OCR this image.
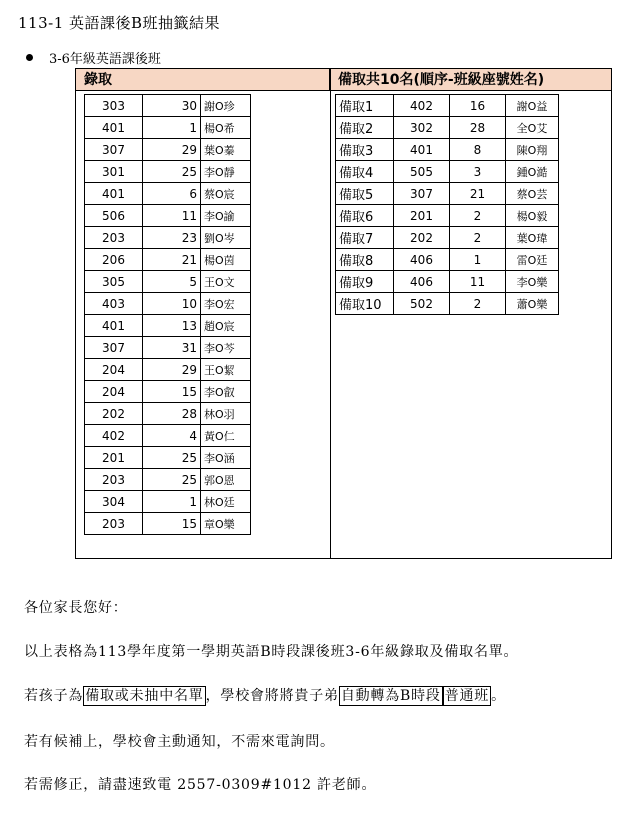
113-1 英語課後B班抽籤結果
3-6年級英語課後班
錄取	備取共10名(順序-班級座號姓名)
303	30	謝O珍
401	1	楊O希
307	29	葉O蓁
301	25	李O靜
401	6	蔡O宸
506	11	李O諭
203	23	劉O岑
206	21	楊O茵
305	5	王O文
403	10	李O宏
401	13	趙O宸
307	31	李O芩
204	29	王O絜
204	15	李O叡
202	28	林O羽
402	4	黃O仁
201	25	李O涵
203	25	郭O恩
304	1	林O廷
203	15	章O樂
備取1	402	16	謝O益
備取2	302	28	全O艾
備取3	401	8	陳O翔
備取4	505	3	鍾O澔
備取5	307	21	蔡O芸
備取6	201	2	楊O毅
備取7	202	2	葉O瑋
備取8	406	1	雷O廷
備取9	406	11	李O樂
備取10	502	2	蕭O樂
各位家長您好：
以上表格為113學年度第一學期英語B時段課後班3-6年級錄取及備取名單。
若孩子為 備取或未抽中名單 ，學校會將將貴子弟 自動轉為B時段 普通班 。
若有候補上，學校會主動通知，不需來電詢問。
若需修正，請盡速致電 2557-0309#1012 許老師。
